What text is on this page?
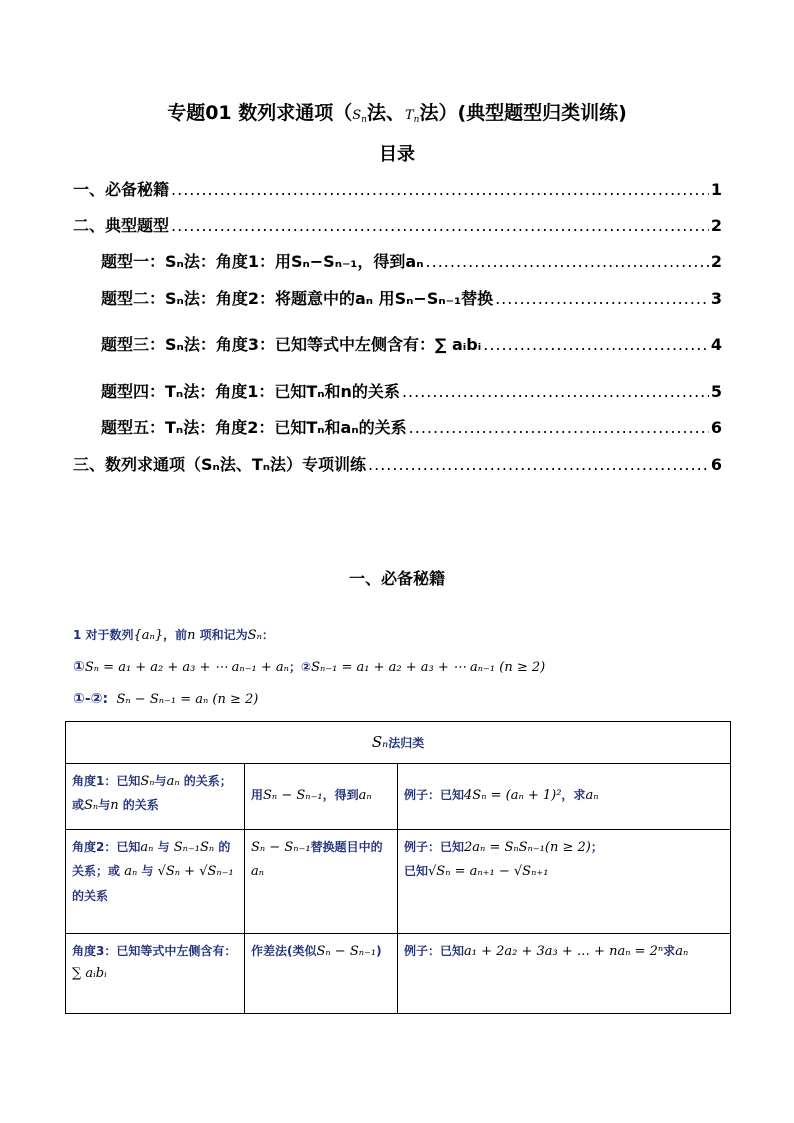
专题01 数列求通项（$S_n$法、$T_n$法）(典型题型归类训练)
目录
一、必备秘籍 .....	1
二、典型题型 .....	2
题型一：Sₙ法：角度1：用Sₙ−Sₙ₋₁，得到aₙ .....	2
题型二：Sₙ法：角度2：将题意中的aₙ 用Sₙ−Sₙ₋₁替换 .....	3
题型三：Sₙ法：角度3：已知等式中左侧含有：∑ aᵢbᵢ .....	4
题型四：Tₙ法：角度1：已知Tₙ和n的关系 .....	5
题型五：Tₙ法：角度2：已知Tₙ和aₙ的关系 .....	6
三、数列求通项（Sₙ法、Tₙ法）专项训练 .....	6
一、必备秘籍
1 对于数列{aₙ}，前n 项和记为Sₙ：
①Sₙ = a₁ + a₂ + a₃ + ⋯ aₙ₋₁ + aₙ；②Sₙ₋₁ = a₁ + a₂ + a₃ + ⋯ aₙ₋₁ (n ≥ 2)
①-②: Sₙ − Sₙ₋₁ = aₙ (n ≥ 2)
Sₙ法归类		
角度1：已知Sₙ与aₙ 的关系；或Sₙ与n 的关系	用Sₙ − Sₙ₋₁，得到aₙ	例子：已知4Sₙ = (aₙ + 1)²，求aₙ
角度2：已知aₙ 与 Sₙ₋₁Sₙ 的关系；或 aₙ 与 √Sₙ + √Sₙ₋₁的关系	Sₙ − Sₙ₋₁替换题目中的aₙ	例子：已知2aₙ = SₙSₙ₋₁(n ≥ 2)；
已知√Sₙ = aₙ₊₁ − √Sₙ₊₁
角度3：已知等式中左侧含有：∑ aᵢbᵢ	作差法(类似Sₙ − Sₙ₋₁)	例子：已知a₁ + 2a₂ + 3a₃ + … + naₙ = 2ⁿ求aₙ
